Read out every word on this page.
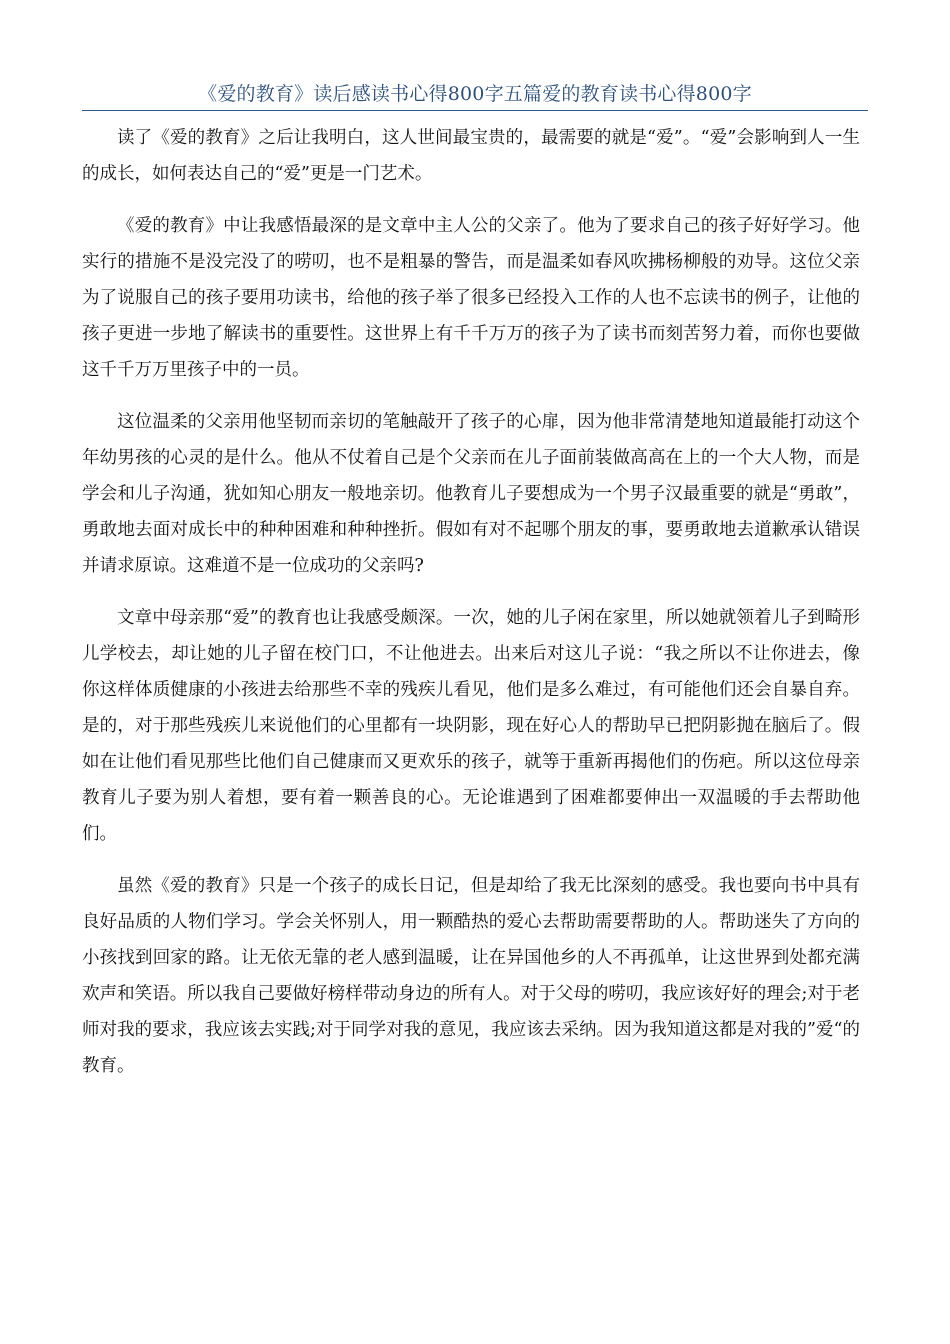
《爱的教育》读后感读书心得800字五篇爱的教育读书心得800字

读了《爱的教育》之后让我明白，这人世间最宝贵的，最需要的就是“爱”。“爱”会影响到人一生的成长，如何表达自己的“爱”更是一门艺术。

《爱的教育》中让我感悟最深的是文章中主人公的父亲了。他为了要求自己的孩子好好学习。他实行的措施不是没完没了的唠叨，也不是粗暴的警告，而是温柔如春风吹拂杨柳般的劝导。这位父亲为了说服自己的孩子要用功读书，给他的孩子举了很多已经投入工作的人也不忘读书的例子，让他的孩子更进一步地了解读书的重要性。这世界上有千千万万的孩子为了读书而刻苦努力着，而你也要做这千千万万里孩子中的一员。

这位温柔的父亲用他坚韧而亲切的笔触敲开了孩子的心扉，因为他非常清楚地知道最能打动这个年幼男孩的心灵的是什么。他从不仗着自己是个父亲而在儿子面前装做高高在上的一个大人物，而是学会和儿子沟通，犹如知心朋友一般地亲切。他教育儿子要想成为一个男子汉最重要的就是“勇敢”，勇敢地去面对成长中的种种困难和种种挫折。假如有对不起哪个朋友的事，要勇敢地去道歉承认错误并请求原谅。这难道不是一位成功的父亲吗?

文章中母亲那“爱”的教育也让我感受颇深。一次，她的儿子闲在家里，所以她就领着儿子到畸形儿学校去，却让她的儿子留在校门口，不让他进去。出来后对这儿子说：“我之所以不让你进去，像你这样体质健康的小孩进去给那些不幸的残疾儿看见，他们是多么难过，有可能他们还会自暴自弃。是的，对于那些残疾儿来说他们的心里都有一块阴影，现在好心人的帮助早已把阴影抛在脑后了。假如在让他们看见那些比他们自己健康而又更欢乐的孩子，就等于重新再揭他们的伤疤。所以这位母亲教育儿子要为别人着想，要有着一颗善良的心。无论谁遇到了困难都要伸出一双温暖的手去帮助他们。

虽然《爱的教育》只是一个孩子的成长日记，但是却给了我无比深刻的感受。我也要向书中具有良好品质的人物们学习。学会关怀别人，用一颗酷热的爱心去帮助需要帮助的人。帮助迷失了方向的小孩找到回家的路。让无依无靠的老人感到温暖，让在异国他乡的人不再孤单，让这世界到处都充满欢声和笑语。所以我自己要做好榜样带动身边的所有人。对于父母的唠叨，我应该好好的理会;对于老师对我的要求，我应该去实践;对于同学对我的意见，我应该去采纳。因为我知道这都是对我的”爱“的教育。
